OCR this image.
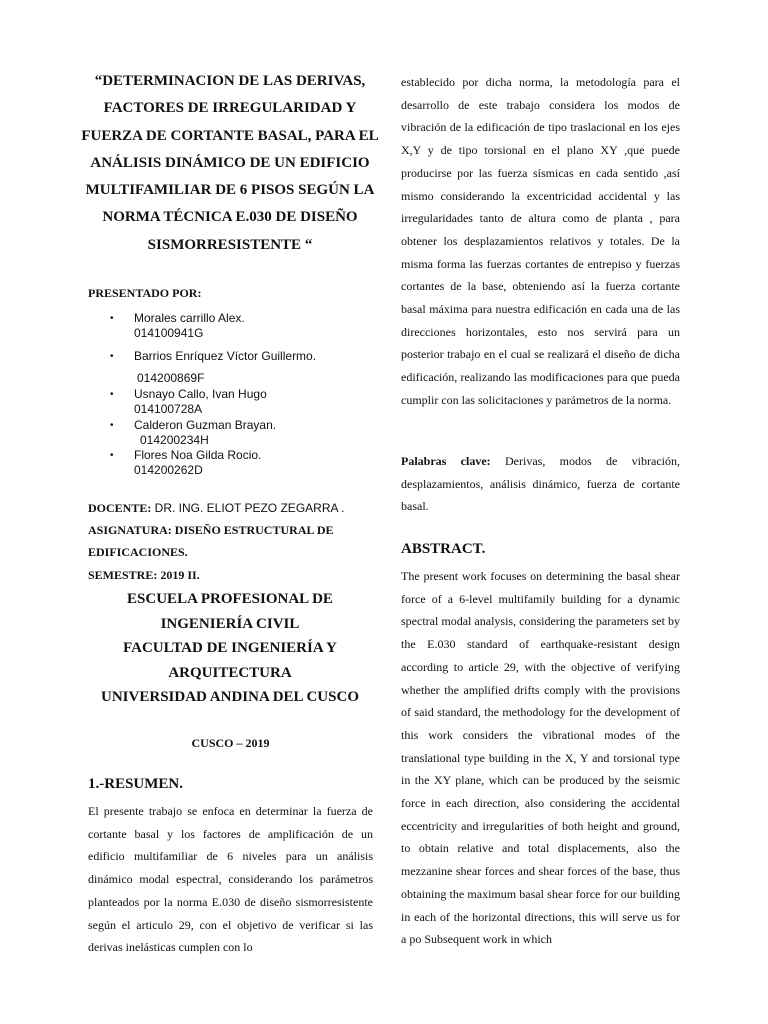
“DETERMINACION DE LAS DERIVAS, FACTORES DE IRREGULARIDAD Y FUERZA DE CORTANTE BASAL, PARA EL ANÁLISIS DINÁMICO DE UN EDIFICIO MULTIFAMILIAR DE 6 PISOS SEGÚN LA NORMA TÉCNICA E.030 DE DISEÑO SISMORRESISTENTE “

PRESENTADO POR:

• Morales carrillo Alex.
014100941G
• Barrios Enríquez Víctor Guillermo.
014200869F
• Usnayo Callo, Ivan Hugo
014100728A
• Calderon Guzman Brayan.
014200234H
• Flores Noa Gilda Rocio.
014200262D
DOCENTE: DR. ING. ELIOT PEZO ZEGARRA .
ASIGNATURA: DISEÑO ESTRUCTURAL DE
EDIFICACIONES.
SEMESTRE: 2019 II.
ESCUELA PROFESIONAL DE
INGENIERÍA CIVIL
FACULTAD DE INGENIERÍA Y
ARQUITECTURA
UNIVERSIDAD ANDINA DEL CUSCO
CUSCO – 2019
1.-RESUMEN.

El presente trabajo se enfoca en determinar la fuerza de cortante basal y los factores de amplificación de un edificio multifamiliar de 6 niveles para un análisis dinámico modal espectral, considerando los parámetros planteados por la norma E.030 de diseño sismorresistente según el articulo 29, con el objetivo de verificar si las derivas inelásticas cumplen con lo

establecido por dicha norma, la metodología para el desarrollo de este trabajo considera los modos de vibración de la edificación de tipo traslacional en los ejes X,Y y de tipo torsional en el plano XY ,que puede producirse por las fuerza sísmicas en cada sentido ,así mismo considerando la excentricidad accidental y las irregularidades tanto de altura como de planta , para obtener los desplazamientos relativos y totales. De la misma forma las fuerzas cortantes de entrepiso y fuerzas cortantes de la base, obteniendo así la fuerza cortante basal máxima para nuestra edificación en cada una de las direcciones horizontales, esto nos servirá para un posterior trabajo en el cual se realizará el diseño de dicha edificación, realizando las modificaciones para que pueda cumplir con las solicitaciones y parámetros de la norma.

Palabras clave: Derivas, modos de vibración, desplazamientos, análisis dinámico, fuerza de cortante basal.

ABSTRACT.

The present work focuses on determining the basal shear force of a 6-level multifamily building for a dynamic spectral modal analysis, considering the parameters set by the E.030 standard of earthquake-resistant design according to article 29, with the objective of verifying whether the amplified drifts comply with the provisions of said standard, the methodology for the development of this work considers the vibrational modes of the translational type building in the X, Y and torsional type in the XY plane, which can be produced by the seismic force in each direction, also considering the accidental eccentricity and irregularities of both height and ground, to obtain relative and total displacements, also the mezzanine shear forces and shear forces of the base, thus obtaining the maximum basal shear force for our building in each of the horizontal directions, this will serve us for a po Subsequent work in which
